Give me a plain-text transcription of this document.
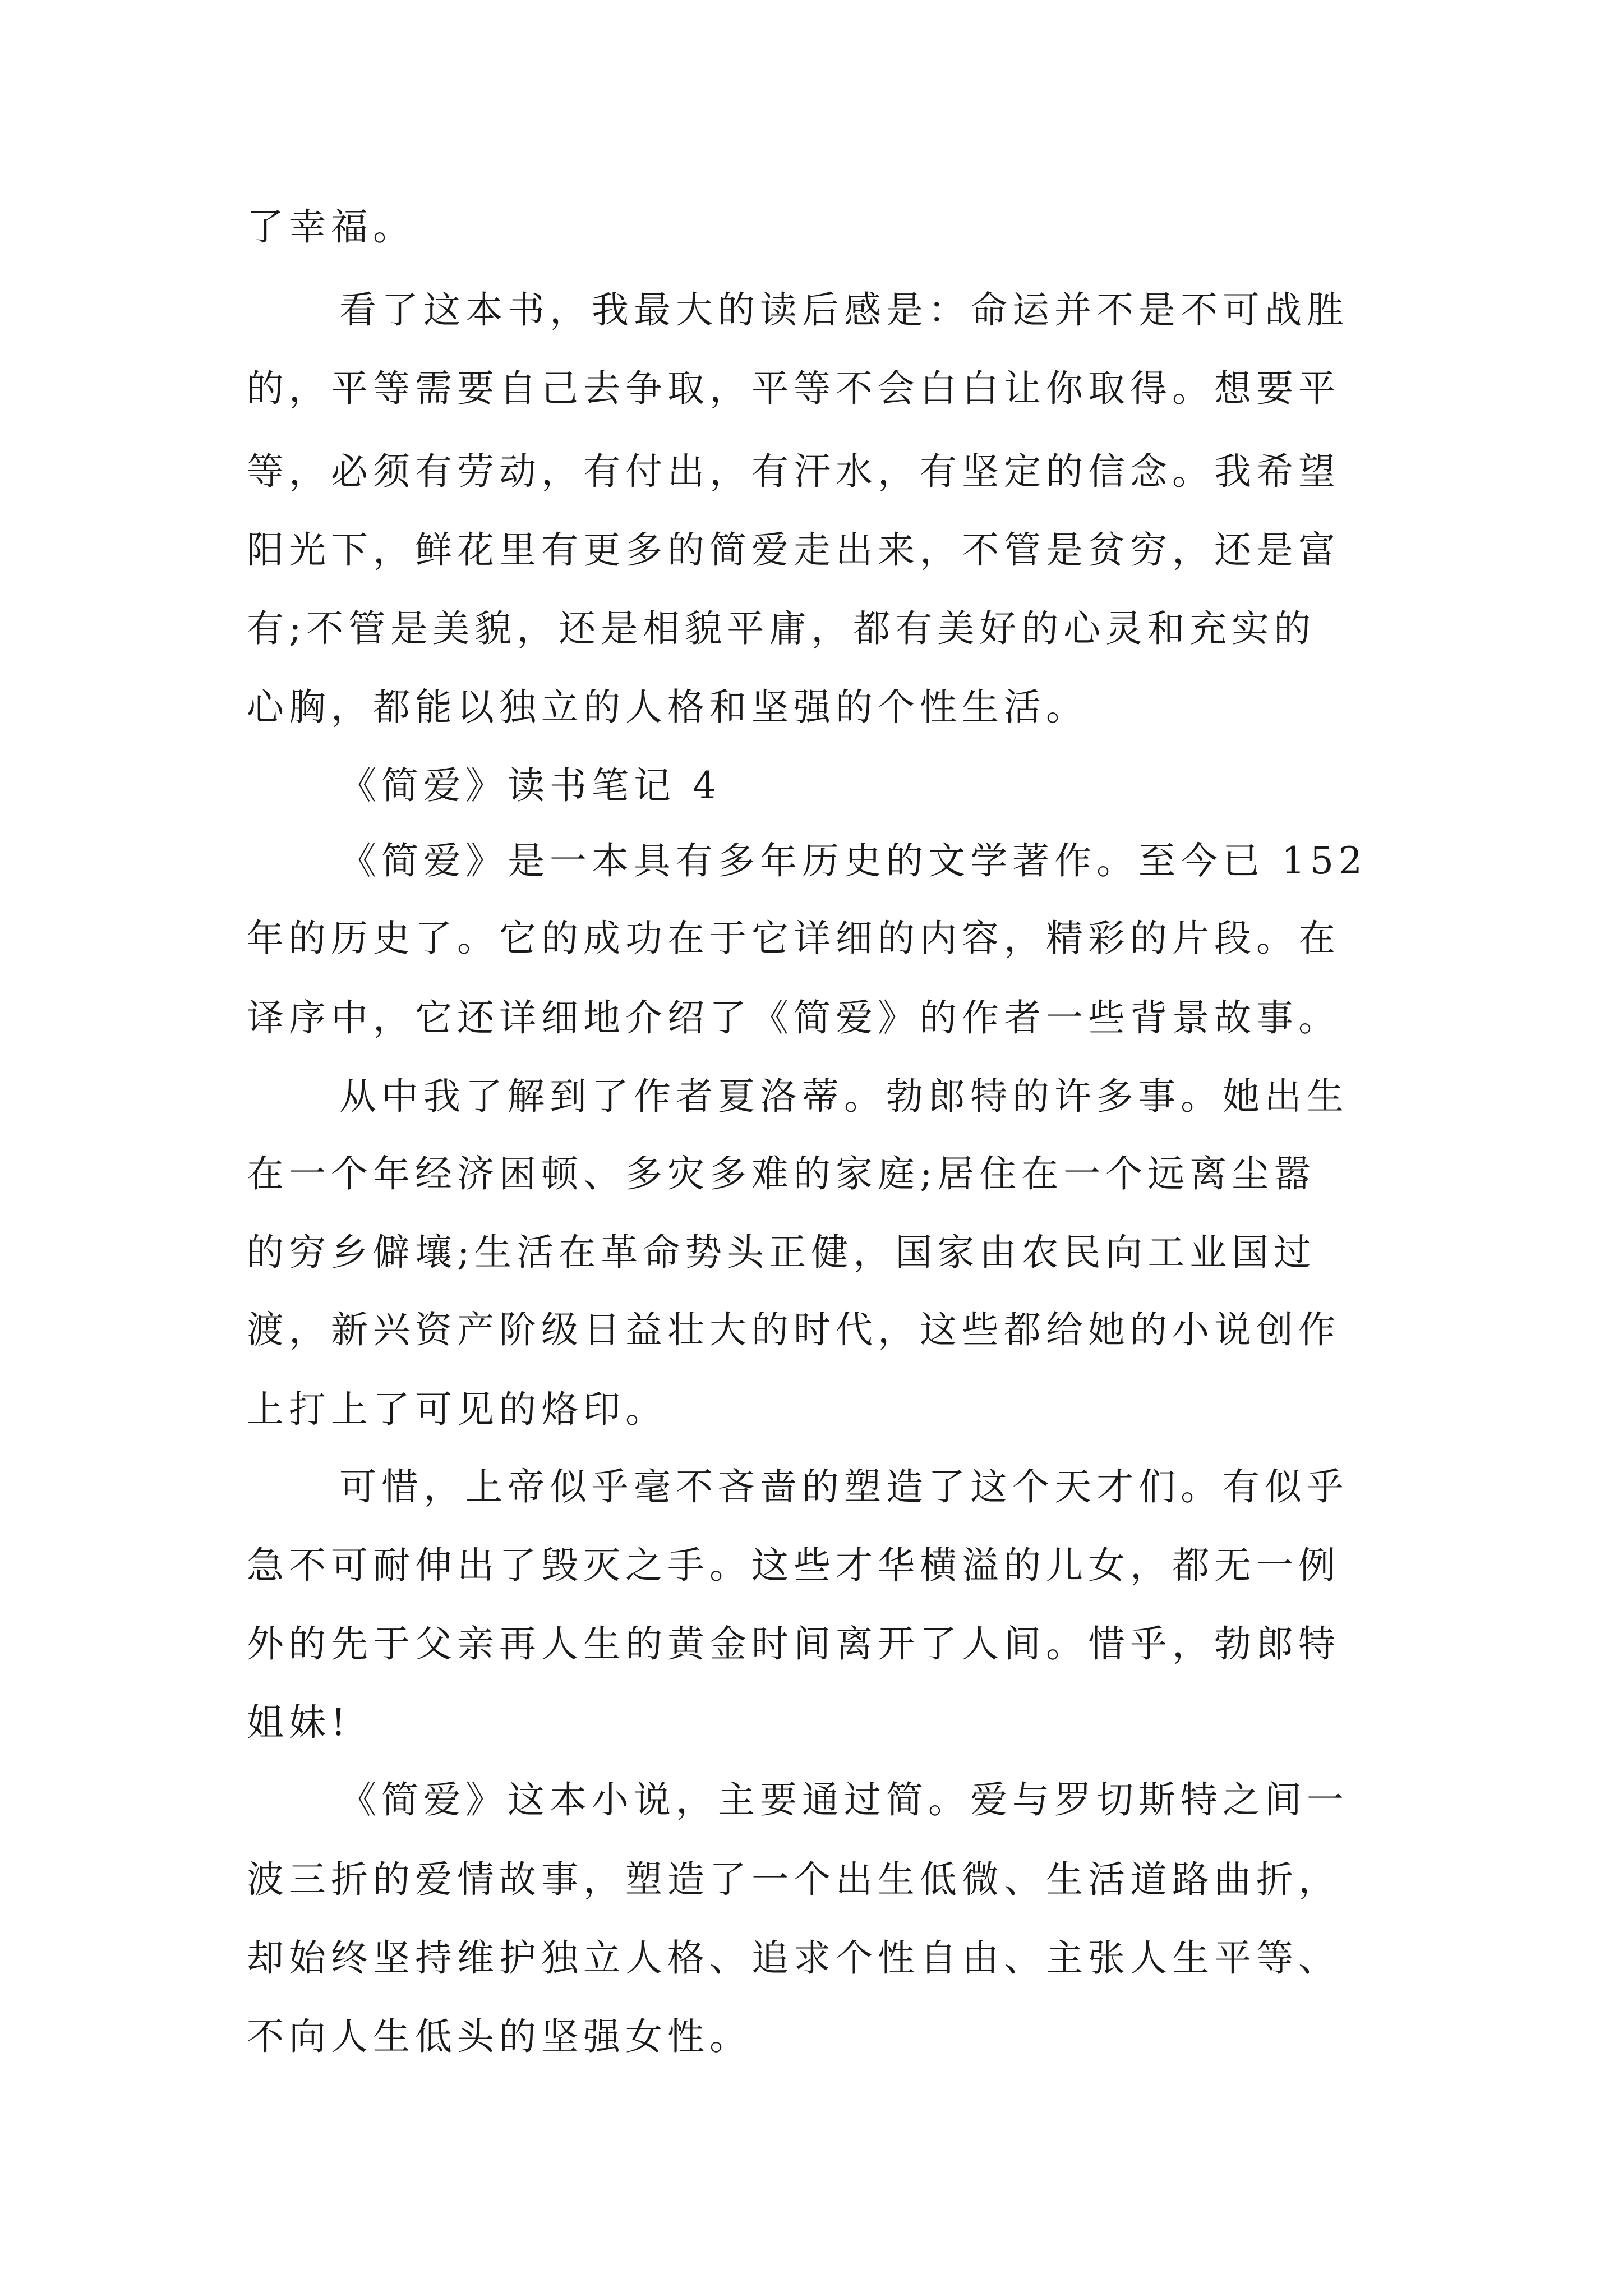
了幸福。
看了这本书，我最大的读后感是：命运并不是不可战胜
的，平等需要自己去争取，平等不会白白让你取得。想要平
等，必须有劳动，有付出，有汗水，有坚定的信念。我希望
阳光下，鲜花里有更多的简爱走出来，不管是贫穷，还是富
有;不管是美貌，还是相貌平庸，都有美好的心灵和充实的
心胸，都能以独立的人格和坚强的个性生活。
《简爱》读书笔记 4
《简爱》是一本具有多年历史的文学著作。至今已 152
年的历史了。它的成功在于它详细的内容，精彩的片段。在
译序中，它还详细地介绍了《简爱》的作者一些背景故事。
从中我了解到了作者夏洛蒂。勃郎特的许多事。她出生
在一个年经济困顿、多灾多难的家庭;居住在一个远离尘嚣
的穷乡僻壤;生活在革命势头正健，国家由农民向工业国过
渡，新兴资产阶级日益壮大的时代，这些都给她的小说创作
上打上了可见的烙印。
可惜，上帝似乎毫不吝啬的塑造了这个天才们。有似乎
急不可耐伸出了毁灭之手。这些才华横溢的儿女，都无一例
外的先于父亲再人生的黄金时间离开了人间。惜乎，勃郎特
姐妹!
《简爱》这本小说，主要通过简。爱与罗切斯特之间一
波三折的爱情故事，塑造了一个出生低微、生活道路曲折，
却始终坚持维护独立人格、追求个性自由、主张人生平等、
不向人生低头的坚强女性。
